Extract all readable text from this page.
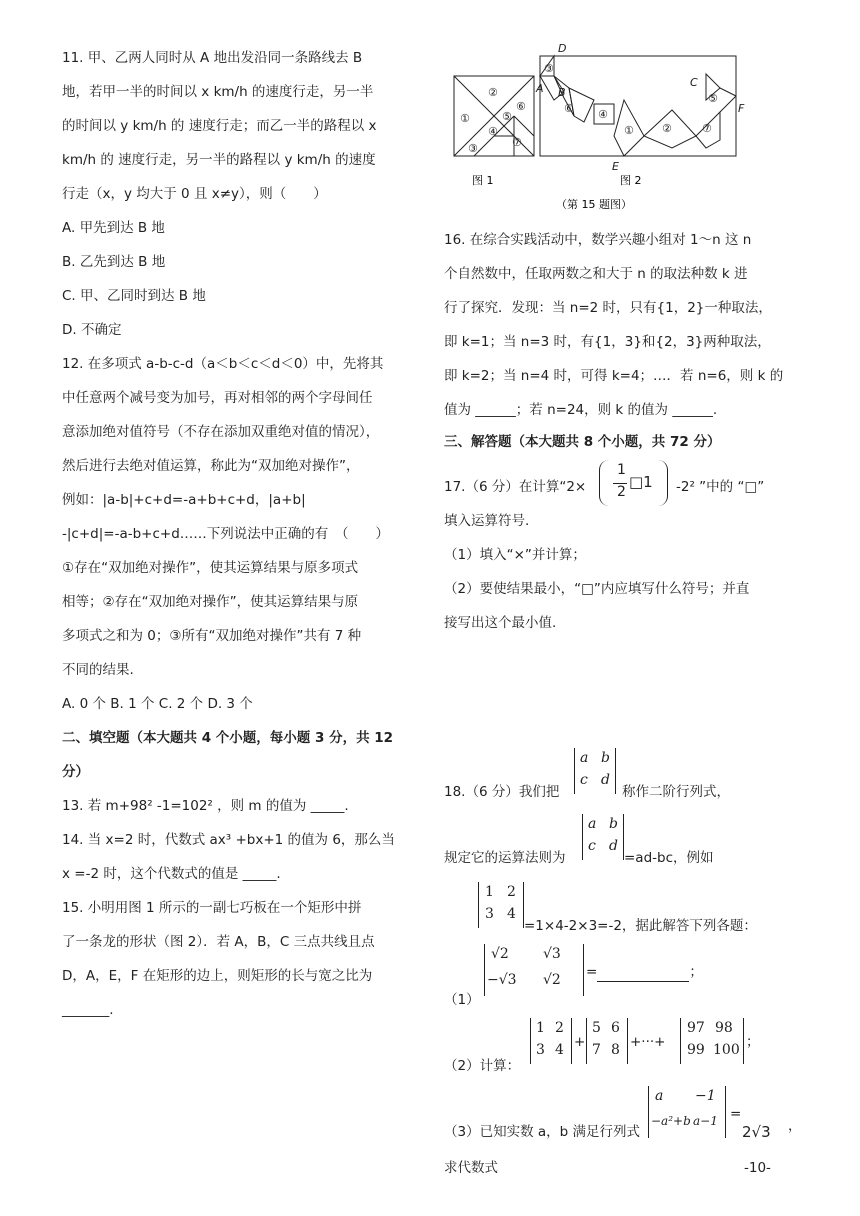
11. 甲、乙两人同时从 A 地出发沿同一条路线去 B
地，若甲一半的时间以 x km/h 的速度行走，另一半
的时间以 y km/h 的 速度行走；而乙一半的路程以 x
km/h 的 速度行走，另一半的路程以 y km/h 的速度
行走（x，y 均大于 0 且 x≠y），则（　　）
A. 甲先到达 B 地
B. 乙先到达 B 地
C. 甲、乙同时到达 B 地
D. 不确定
12. 在多项式 a-b-c-d（a＜b＜c＜d＜0）中，先将其
中任意两个减号变为加号，再对相邻的两个字母间任
意添加绝对值符号（不存在添加双重绝对值的情况），
然后进行去绝对值运算，称此为“双加绝对操作”，
例如：|a-b|+c+d=-a+b+c+d，|a+b|
-|c+d|=-a-b+c+d……下列说法中正确的有　（　　）
①存在“双加绝对操作”，使其运算结果与原多项式
相等；②存在“双加绝对操作”，使其运算结果与原
多项式之和为 0；③所有“双加绝对操作”共有 7 种
不同的结果.
A. 0 个 B. 1 个 C. 2 个 D. 3 个
二、填空题（本大题共 4 个小题，每小题 3 分，共 12
分）
13. 若 m+98² -1=102² ，则 m 的值为 _____.
14. 当 x=2 时，代数式 ax³ +bx+1 的值为 6，那么当
x =-2 时，这个代数式的值是 _____.
15. 小明用图 1 所示的一副七巧板在一个矩形中拼
了一条龙的形状（图 2）．若 A，B，C 三点共线且点
D，A，E，F 在矩形的边上，则矩形的长与宽之比为
_______.
①
②
③
④
⑤
⑥
⑦
图 1
D
A B
C
E
F
③
⑥ ④
①	②	⑦
⑤
图 2
（第 15 题图）
16. 在综合实践活动中，数学兴趣小组对 1～n 这 n
个自然数中，任取两数之和大于 n 的取法种数 k 进
行了探究．发现：当 n=2 时，只有{1，2}一种取法，
即 k=1；当 n=3 时，有{1，3}和{2，3}两种取法，
即 k=2；当 n=4 时，可得 k=4；…．若 n=6，则 k 的
值为 ______；若 n=24，则 k 的值为 ______.
三、解答题（本大题共 8 个小题，共 72 分）
17.（6 分）在计算“2×
1
2
□1 -2² ”中的 “□”
填入运算符号.
（1）填入“×”并计算；
（2）要使结果最小，“□”内应填写什么符号；并直
接写出这个最小值.
18.（6 分）我们把
a b
c d
称作二阶行列式，
a b
c d
规定它的运算法则为	=ad-bc，例如
1 2
3 4
=1×4-2×3=-2，据此解答下列各题：
（1）
√2 √3
−√3 √2 =	；
（2）计算：
1 2
3 4 +
5 6
7 8 +···+
97 98
99 100 ；
（3）已知实数 a，b 满足行列式
a −1
−a²+b a−1 =
2√3 ，
求代数式	-10-
